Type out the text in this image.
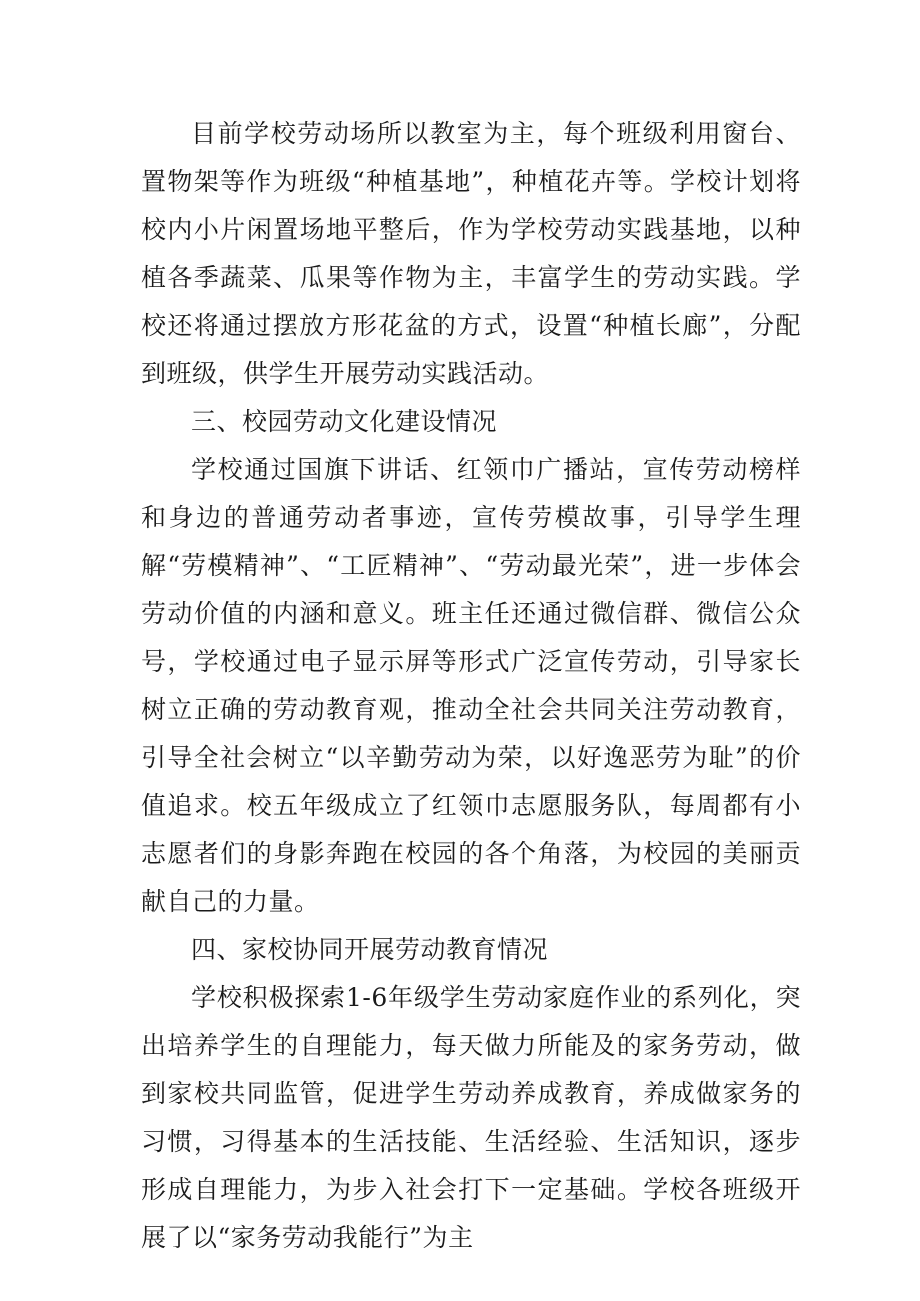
目前学校劳动场所以教室为主，每个班级利用窗台、置物架等作为班级“种植基地”，种植花卉等。学校计划将校内小片闲置场地平整后，作为学校劳动实践基地，以种植各季蔬菜、瓜果等作物为主，丰富学生的劳动实践。学校还将通过摆放方形花盆的方式，设置“种植长廊”，分配到班级，供学生开展劳动实践活动。

三、校园劳动文化建设情况

学校通过国旗下讲话、红领巾广播站，宣传劳动榜样和身边的普通劳动者事迹，宣传劳模故事，引导学生理解“劳模精神”、“工匠精神”、“劳动最光荣”，进一步体会劳动价值的内涵和意义。班主任还通过微信群、微信公众号，学校通过电子显示屏等形式广泛宣传劳动，引导家长树立正确的劳动教育观，推动全社会共同关注劳动教育，引导全社会树立“以辛勤劳动为荣，以好逸恶劳为耻”的价值追求。校五年级成立了红领巾志愿服务队，每周都有小志愿者们的身影奔跑在校园的各个角落，为校园的美丽贡献自己的力量。

四、家校协同开展劳动教育情况

学校积极探索1-6年级学生劳动家庭作业的系列化，突出培养学生的自理能力，每天做力所能及的家务劳动，做到家校共同监管，促进学生劳动养成教育，养成做家务的习惯，习得基本的生活技能、生活经验、生活知识，逐步形成自理能力，为步入社会打下一定基础。学校各班级开展了以“家务劳动我能行”为主
